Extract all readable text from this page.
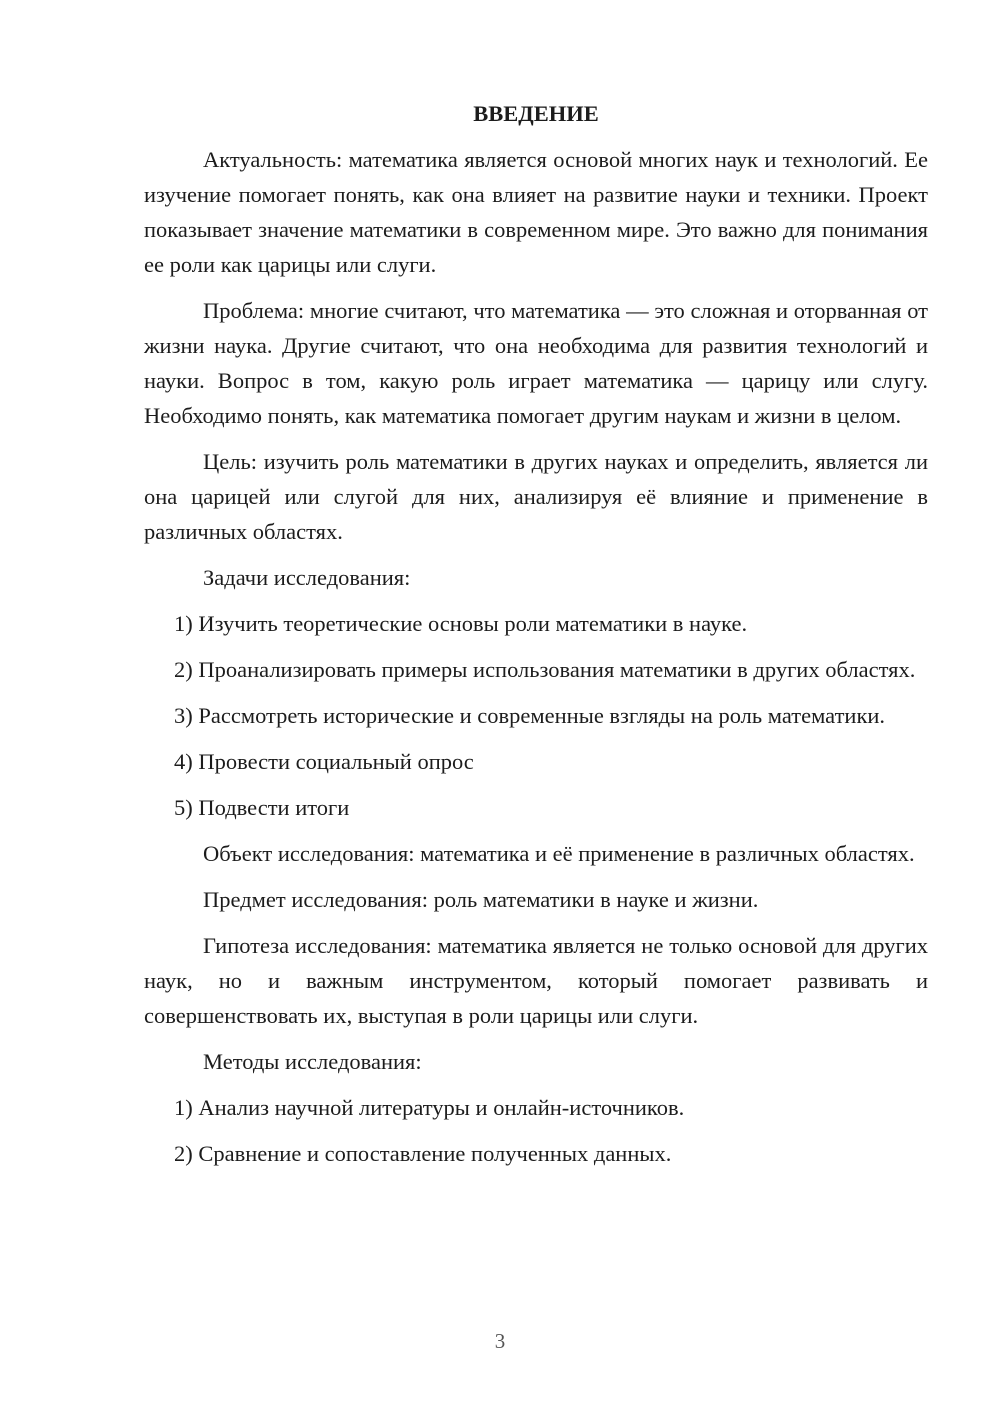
ВВЕДЕНИЕ

Актуальность: математика является основой многих наук и технологий. Ее изучение помогает понять, как она влияет на развитие науки и техники. Проект показывает значение математики в современном мире. Это важно для понимания ее роли как царицы или слуги.

Проблема: многие считают, что математика — это сложная и оторванная от жизни наука. Другие считают, что она необходима для развития технологий и науки. Вопрос в том, какую роль играет математика — царицу или слугу. Необходимо понять, как математика помогает другим наукам и жизни в целом.

Цель: изучить роль математики в других науках и определить, является ли она царицей или слугой для них, анализируя её влияние и применение в различных областях.

Задачи исследования:

1) Изучить теоретические основы роли математики в науке.

2) Проанализировать примеры использования математики в других областях.

3) Рассмотреть исторические и современные взгляды на роль математики.

4) Провести социальный опрос

5) Подвести итоги

Объект исследования: математика и её применение в различных областях.

Предмет исследования: роль математики в науке и жизни.

Гипотеза исследования: математика является не только основой для других наук, но и важным инструментом, который помогает развивать и совершенствовать их, выступая в роли царицы или слуги.

Методы исследования:

1) Анализ научной литературы и онлайн-источников.

2) Сравнение и сопоставление полученных данных.

3
